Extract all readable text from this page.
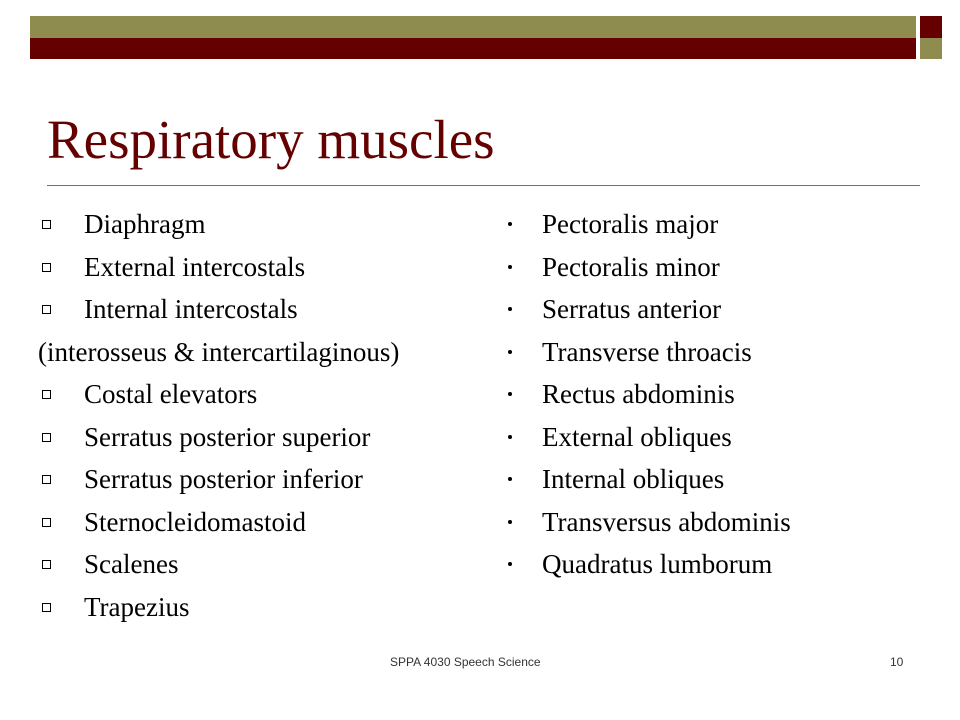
Respiratory muscles
Diaphragm
External intercostals
Internal intercostals
(interosseus & intercartilaginous)
Costal elevators
Serratus posterior superior
Serratus posterior inferior
Sternocleidomastoid
Scalenes
Trapezius
Pectoralis major
Pectoralis minor
Serratus anterior
Transverse throacis
Rectus abdominis
External obliques
Internal obliques
Transversus abdominis
Quadratus lumborum
SPPA 4030 Speech Science	10
